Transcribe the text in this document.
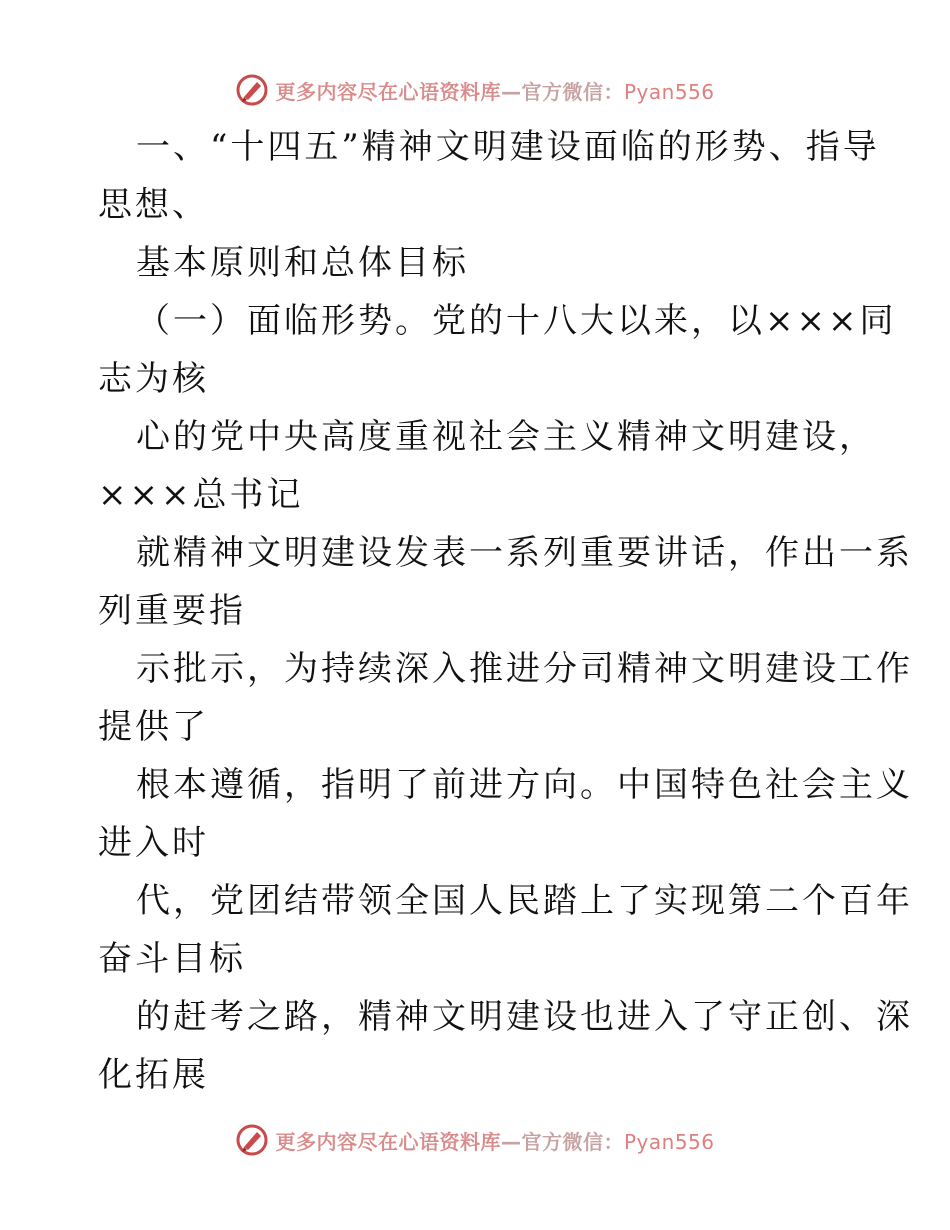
更多内容尽在心语资料库—官方微信：Pyan556
一、“十四五”精神文明建设面临的形势、指导
思想、
基本原则和总体目标
（一）面临形势。党的十八大以来，以×××同
志为核
心的党中央高度重视社会主义精神文明建设，
×××总书记
就精神文明建设发表一系列重要讲话，作出一系
列重要指
示批示，为持续深入推进分司精神文明建设工作
提供了
根本遵循，指明了前进方向。中国特色社会主义
进入时
代，党团结带领全国人民踏上了实现第二个百年
奋斗目标
的赶考之路，精神文明建设也进入了守正创、深
化拓展
更多内容尽在心语资料库—官方微信：Pyan556
